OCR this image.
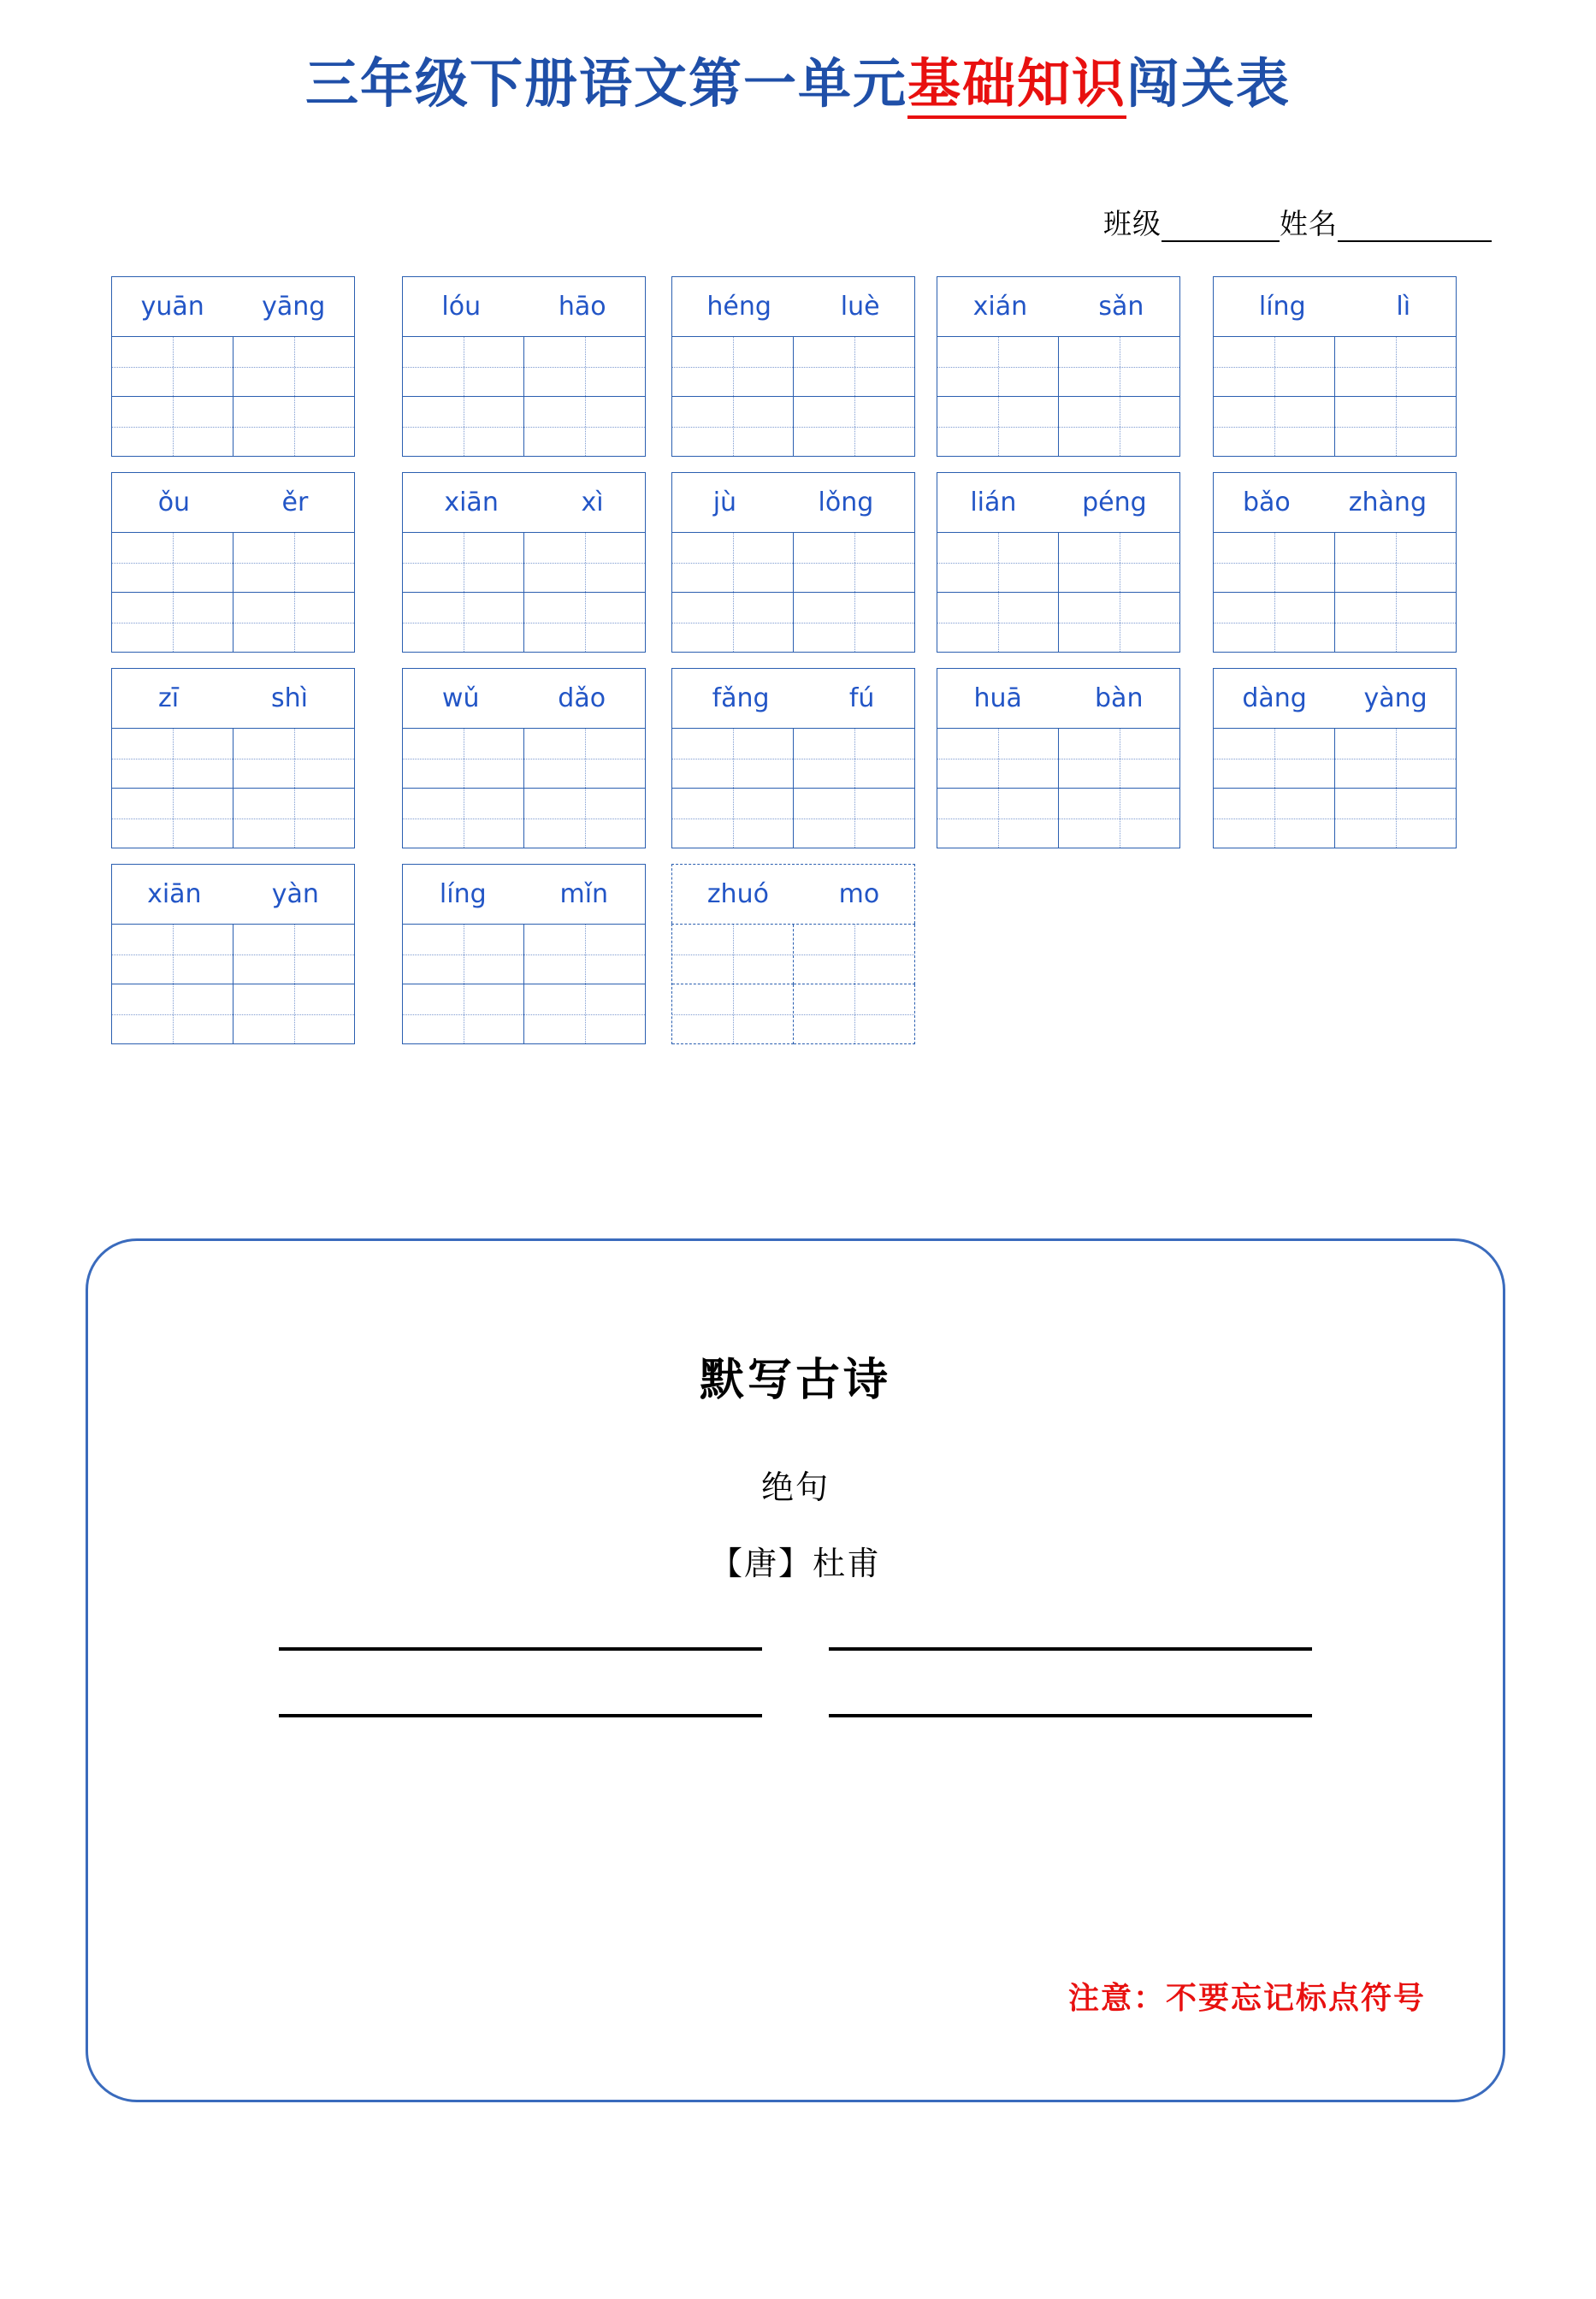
三年级下册语文第一单元基础知识闯关表
班级	姓名
yuān yāng
ǒu	ěr
zī	shì
xiān	yàn
lóu	hāo
xiān	xì
wǔ	dǎo
líng	mǐn
héng	luè
jù	lǒng
fǎng	fú
zhuó	mo
xián	sǎn
lián	péng
huā	bàn
líng	lì
bǎo zhàng
dàng yàng
默写古诗
绝句
【唐】杜甫
注意：不要忘记标点符号
